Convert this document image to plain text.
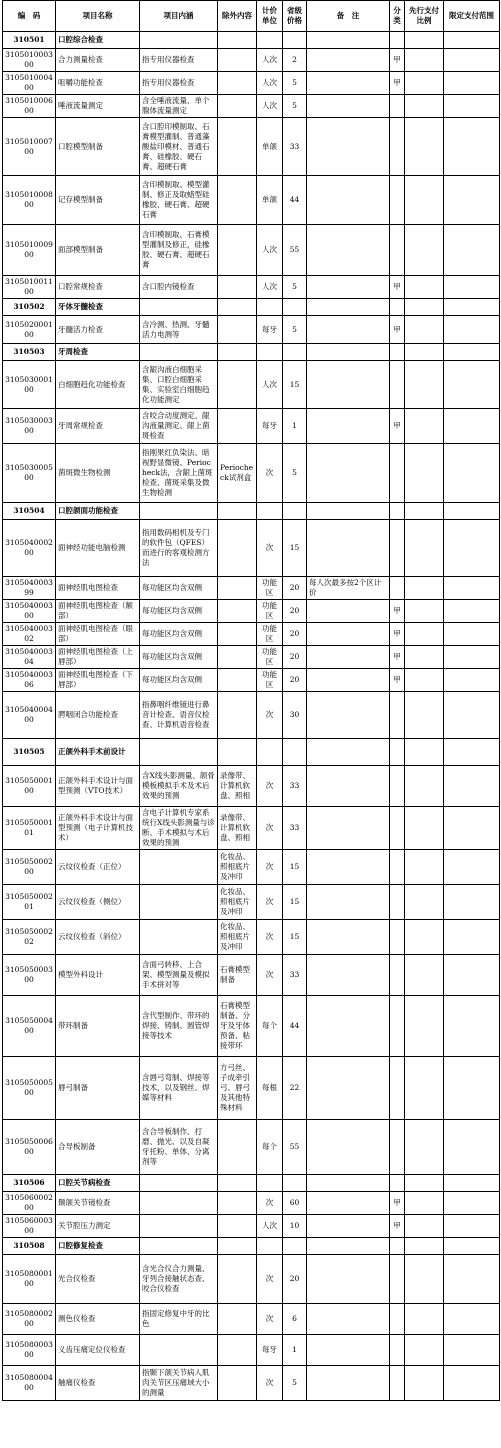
编　码	项目名称	项目内涵	除外内容	计价单位	省级价格	备　注	分类	先行支付比例	限定支付范围
310501	口腔综合检查								
310501000300	合力测量检查	指专用仪器检查		人次	2		甲		
310501000400	咀嚼功能检查	指专用仪器检查		人次	5		甲		
310501000600	唾液流量测定	含全唾液流量、单个腺体流量测定		人次	5				
310501000700	口腔模型制备	含口腔印模制取、石膏模型灌制、普通藻酸盐印模材、普通石膏、硅橡胶、硬石膏、超硬石膏		单颌	33				
310501000800	记存模型制备	含印模制取、模型灌制、修正及取蜡型硅橡胶、硬石膏、超硬石膏		单颌	44				
310501000900	面部模型制备	含印模制取、石膏模型灌制及修正，硅橡胶、硬石膏、超硬石膏		人次	55				
310501001100	口腔常规检查	含口腔内镜检查		人次	5		甲		
310502	牙体牙髓检查								
310502000100	牙髓活力检查	含冷测、热测、牙髓活力电测等		每牙	5		甲		
310503	牙周检查								
310503000100	白细胞趋化功能检查	含龈沟液白细胞采集、口腔白细胞采集、实验室白细胞趋化功能测定		人次	15				
310503000300	牙周常规检查	含咬合动度测定、龈沟液量测定、龈上菌斑检查		每牙	1		甲		
310503000500	菌斑微生物检测	指刚果红负染法、暗视野显微镜、Periocheck法，含龈上菌斑检查、菌斑采集及微生物检测	Periocheck试剂盒	次	5				
310504	口腔颌面功能检查								
310504000200	面神经功能电脑检测	指用数码相机及专门的软件包（QFES）而进行的客观检测方法		次	15				
310504000399	面神经肌电图检查	每功能区均含双侧		功能区	20	每人次最多按2个区计价			
310504000300	面神经肌电图检查（额部）	每功能区均含双侧		功能区	20		甲		
310504000302	面神经肌电图检查（眼部）	每功能区均含双侧		功能区	20		甲		
310504000304	面神经肌电图检查（上唇部）	每功能区均含双侧		功能区	20		甲		
310504000306	面神经肌电图检查（下唇部）	每功能区均含双侧		功能区	20		甲		
310504000400	腭咽闭合功能检查	指鼻咽纤维镜进行鼻音计检查、语音仪检查、计算机语音检查		次	30				
310505	正颌外科手术前设计								
310505000100	正颌外科手术设计与面型预测（VTO技术）	含X线头影测量、颌骨模板模拟手术及术后效果的预测	录像带、计算机软盘、照相	次	33				
310505000101	正颌外科手术设计与面型预测（电子计算机技术）	含电子计算机专家系统行X线头影测量与诊断、手术模拟与术后效果的预测	录像带、计算机软盘、照相	次	33				
310505000200	云纹仪检查（正位）		化妆品、照相底片及冲印	次	15				
310505000201	云纹仪检查（侧位）		化妆品、照相底片及冲印	次	15				
310505000202	云纹仪检查（斜位）		化妆品、照相底片及冲印	次	15				
310505000300	模型外科设计	含面弓转移、上合架、模型测量及模拟手术拼对等	石膏模型制备	次	33				
310505000400	带环制备	含代型制作、带环的焊接、铸制、圆管焊接等技术	石膏模型制备、分牙及牙体预备、粘接带环	每个	44				
310505000500	唇弓制备	含唇弓弯制、焊接等技术，以及钢丝、焊媒等材料	方弓丝、子成牵引弓、唇弓及其他特殊材料	每根	22				
310505000600	合导板制备	含合导板制作、打磨、抛光、以及自凝牙托粉、单体、分离剂等		每个	55				
310506	口腔关节病检查								
310506000200	颞颌关节镜检查			次	60		甲		
310506000300	关节腔压力测定			人次	10		甲		
310508	口腔修复检查								
310508000100	光合仪检查	含光合仪合力测量、牙列合接触状态查、咬合仪检查		次	20				
310508000200	测色仪检查	指固定修复中牙的比色		次	6				
310508000300	义齿压痛定位仪检查			每牙	1				
310508000400	触痛仪检查	指颞下颌关节病人肌肉关节区压痛域大小的测量		次	5				
